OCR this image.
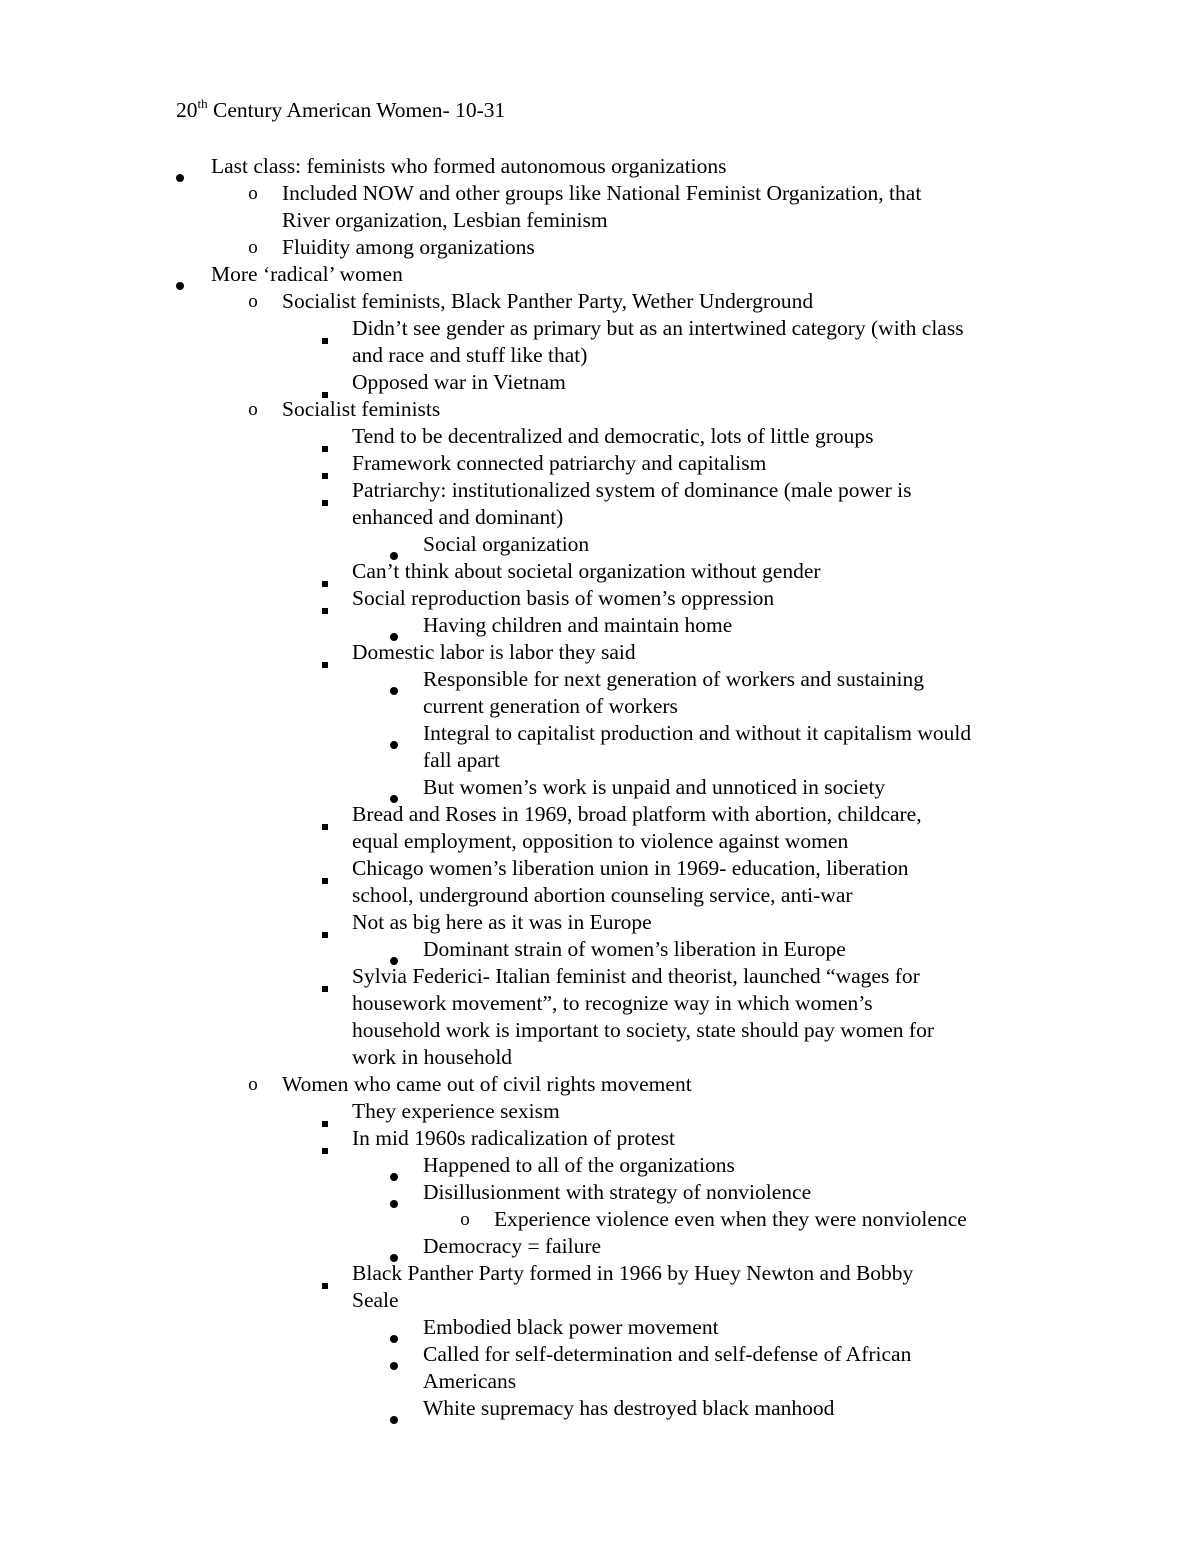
20th Century American Women- 10-31
Last class: feminists who formed autonomous organizations
o Included NOW and other groups like National Feminist Organization, that
River organization, Lesbian feminism
o Fluidity among organizations
More ‘radical’ women
o Socialist feminists, Black Panther Party, Wether Underground
Didn’t see gender as primary but as an intertwined category (with class
and race and stuff like that)
Opposed war in Vietnam
o Socialist feminists
Tend to be decentralized and democratic, lots of little groups
Framework connected patriarchy and capitalism
Patriarchy: institutionalized system of dominance (male power is
enhanced and dominant)
Social organization
Can’t think about societal organization without gender
Social reproduction basis of women’s oppression
Having children and maintain home
Domestic labor is labor they said
Responsible for next generation of workers and sustaining
current generation of workers
Integral to capitalist production and without it capitalism would
fall apart
But women’s work is unpaid and unnoticed in society
Bread and Roses in 1969, broad platform with abortion, childcare,
equal employment, opposition to violence against women
Chicago women’s liberation union in 1969- education, liberation
school, underground abortion counseling service, anti-war
Not as big here as it was in Europe
Dominant strain of women’s liberation in Europe
Sylvia Federici- Italian feminist and theorist, launched “wages for
housework movement”, to recognize way in which women’s
household work is important to society, state should pay women for
work in household
o Women who came out of civil rights movement
They experience sexism
In mid 1960s radicalization of protest
Happened to all of the organizations
Disillusionment with strategy of nonviolence
o Experience violence even when they were nonviolence
Democracy = failure
Black Panther Party formed in 1966 by Huey Newton and Bobby
Seale
Embodied black power movement
Called for self-determination and self-defense of African
Americans
White supremacy has destroyed black manhood
